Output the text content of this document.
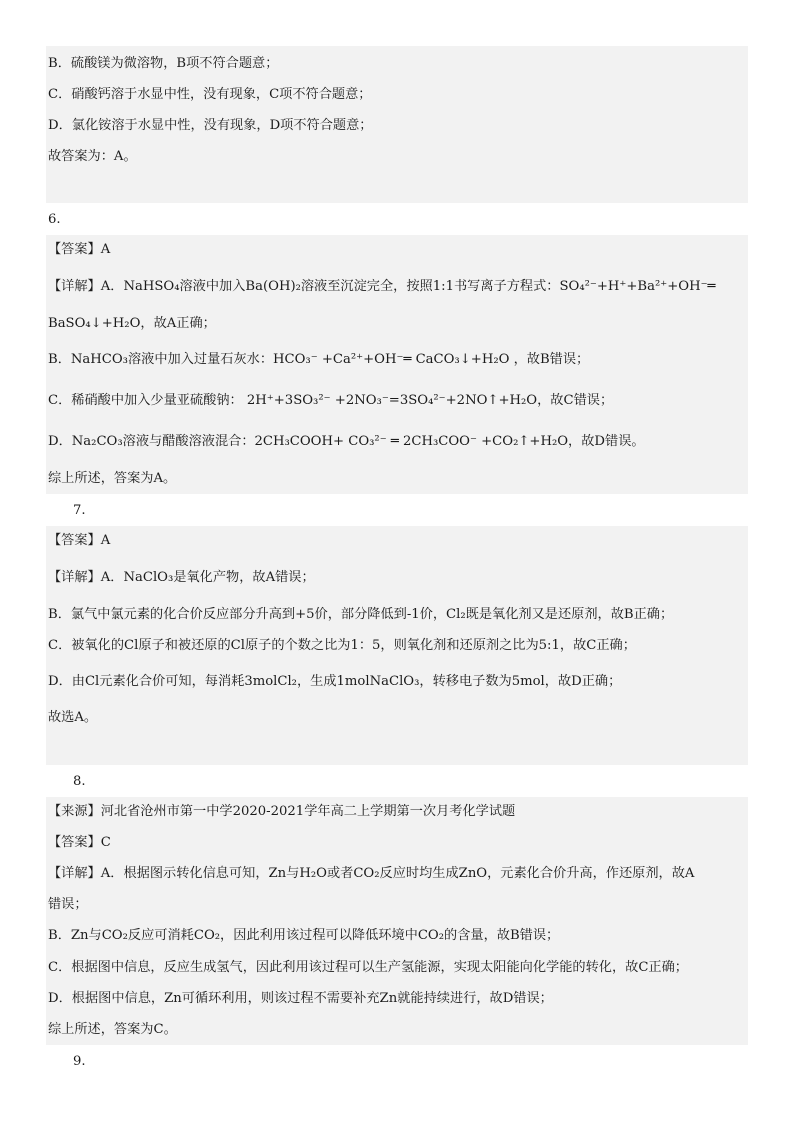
B．硫酸镁为微溶物，B项不符合题意；
C．硝酸钙溶于水显中性，没有现象，C项不符合题意；
D．氯化铵溶于水显中性，没有现象，D项不符合题意；
故答案为：A。
6.
【答案】A
【详解】A．NaHSO₄溶液中加入Ba(OH)₂溶液至沉淀完全，按照1:1书写离子方程式：SO₄²⁻+H⁺+Ba²⁺+OH⁻═
BaSO₄↓+H₂O，故A正确；
B．NaHCO₃溶液中加入过量石灰水：HCO₃⁻ +Ca²⁺+OH⁻═ CaCO₃↓+H₂O ，故B错误；
C．稀硝酸中加入少量亚硫酸钠： 2H⁺+3SO₃²⁻ +2NO₃⁻=3SO₄²⁻+2NO↑+H₂O，故C错误；
D．Na₂CO₃溶液与醋酸溶液混合：2CH₃COOH+ CO₃²⁻ ═ 2CH₃COO⁻ +CO₂↑+H₂O，故D错误。
综上所述，答案为A。
7.
【答案】A
【详解】A．NaClO₃是氧化产物，故A错误；
B．氯气中氯元素的化合价反应部分升高到+5价，部分降低到-1价，Cl₂既是氧化剂又是还原剂，故B正确；
C．被氧化的Cl原子和被还原的Cl原子的个数之比为1：5，则氧化剂和还原剂之比为5:1，故C正确；
D．由Cl元素化合价可知，每消耗3molCl₂，生成1molNaClO₃，转移电子数为5mol，故D正确；
故选A。
8.
【来源】河北省沧州市第一中学2020-2021学年高二上学期第一次月考化学试题
【答案】C
【详解】A．根据图示转化信息可知，Zn与H₂O或者CO₂反应时均生成ZnO，元素化合价升高，作还原剂，故A
错误；
B．Zn与CO₂反应可消耗CO₂，因此利用该过程可以降低环境中CO₂的含量，故B错误；
C．根据图中信息，反应生成氢气，因此利用该过程可以生产氢能源，实现太阳能向化学能的转化，故C正确；
D．根据图中信息，Zn可循环利用，则该过程不需要补充Zn就能持续进行，故D错误；
综上所述，答案为C。
9.
